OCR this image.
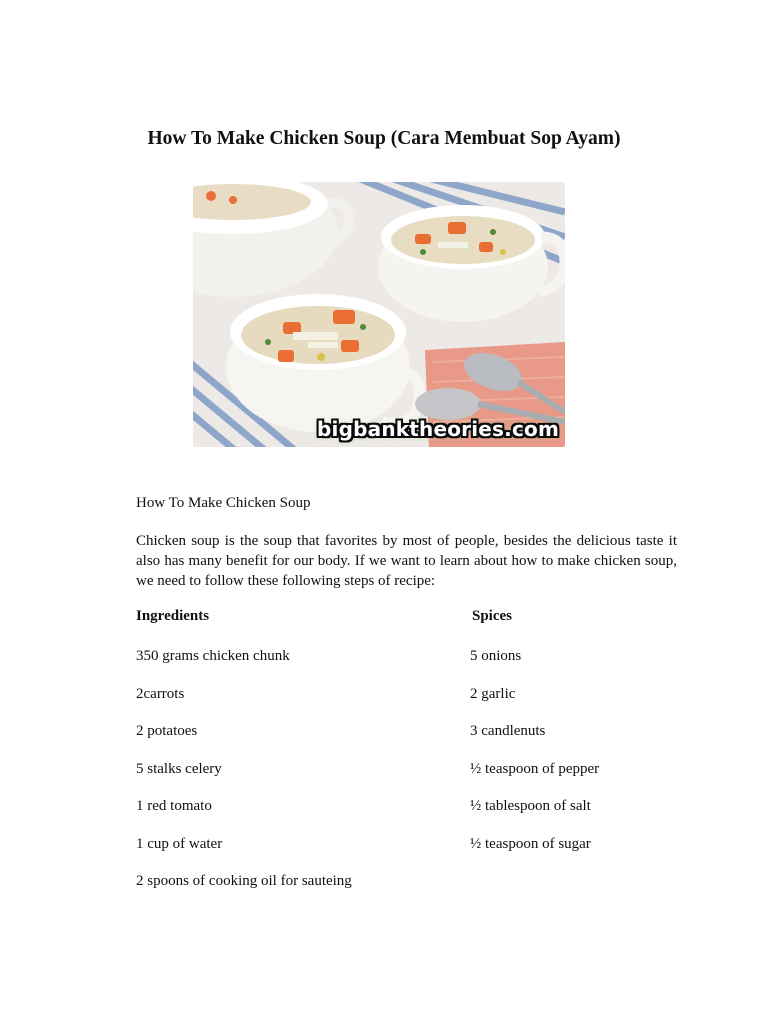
How To Make Chicken Soup (Cara Membuat Sop Ayam)
bigbanktheories.com
How To Make Chicken Soup

Chicken soup is the soup that favorites by most of people, besides the delicious taste it also has many benefit for our body. If we want to learn about how to make chicken soup, we need to follow these following steps of recipe:

Ingredients	Spices
350 grams chicken chunk
2carrots
2 potatoes
5 stalks celery
1 red tomato
1 cup of water
2 spoons of cooking oil for sauteing
5 onions
2 garlic
3 candlenuts
½ teaspoon of pepper
½ tablespoon of salt
½ teaspoon of sugar
